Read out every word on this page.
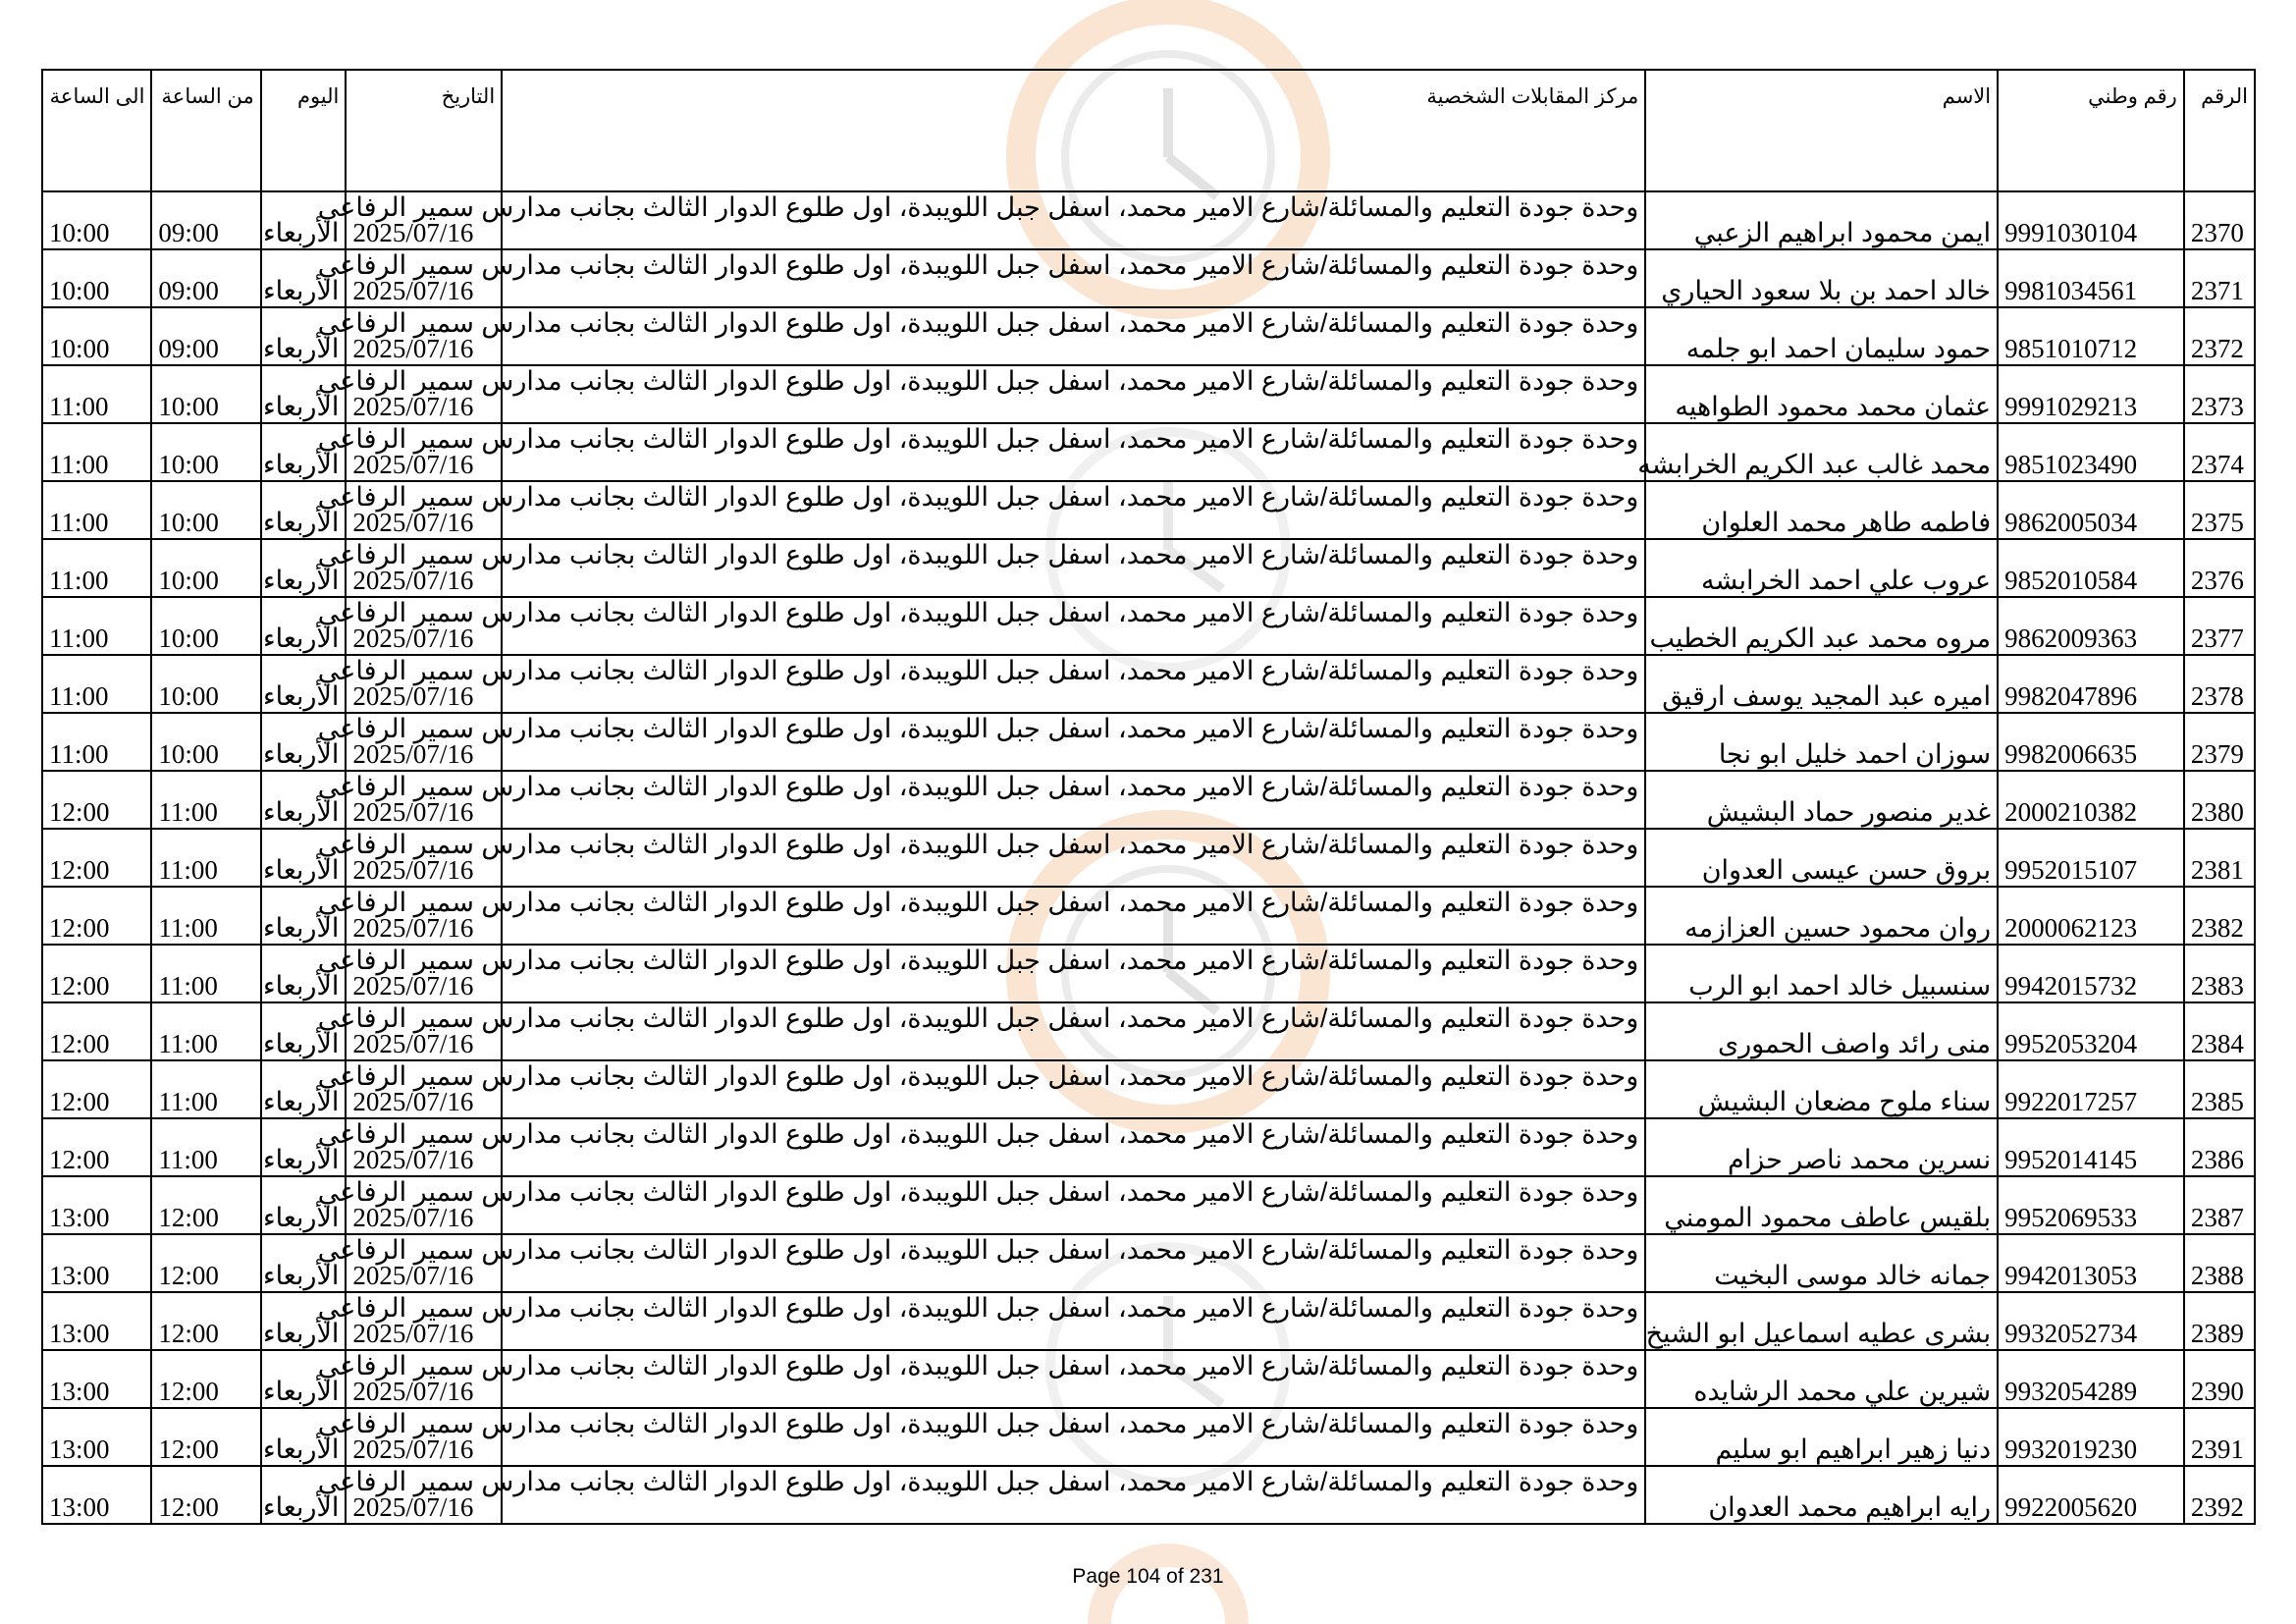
الرقم	رقم وطني	الاسم	مركز المقابلات الشخصية	التاريخ	اليوم	من الساعة	الى الساعة
2370	9991030104	ايمن محمود ابراهيم الزعبي	وحدة جودة التعليم والمسائلة/شارع الامير محمد، اسفل جبل اللويبدة، اول طلوع الدوار الثالث بجانب مدارس سمير الرفاعي	2025/07/16	الأربعاء	09:00	10:00
2371	9981034561	خالد احمد بن بلا سعود الحياري	وحدة جودة التعليم والمسائلة/شارع الامير محمد، اسفل جبل اللويبدة، اول طلوع الدوار الثالث بجانب مدارس سمير الرفاعي	2025/07/16	الأربعاء	09:00	10:00
2372	9851010712	حمود سليمان احمد ابو جلمه	وحدة جودة التعليم والمسائلة/شارع الامير محمد، اسفل جبل اللويبدة، اول طلوع الدوار الثالث بجانب مدارس سمير الرفاعي	2025/07/16	الأربعاء	09:00	10:00
2373	9991029213	عثمان محمد محمود الطواهيه	وحدة جودة التعليم والمسائلة/شارع الامير محمد، اسفل جبل اللويبدة، اول طلوع الدوار الثالث بجانب مدارس سمير الرفاعي	2025/07/16	الأربعاء	10:00	11:00
2374	9851023490	محمد غالب عبد الكريم الخرابشه	وحدة جودة التعليم والمسائلة/شارع الامير محمد، اسفل جبل اللويبدة، اول طلوع الدوار الثالث بجانب مدارس سمير الرفاعي	2025/07/16	الأربعاء	10:00	11:00
2375	9862005034	فاطمه طاهر محمد العلوان	وحدة جودة التعليم والمسائلة/شارع الامير محمد، اسفل جبل اللويبدة، اول طلوع الدوار الثالث بجانب مدارس سمير الرفاعي	2025/07/16	الأربعاء	10:00	11:00
2376	9852010584	عروب علي احمد الخرابشه	وحدة جودة التعليم والمسائلة/شارع الامير محمد، اسفل جبل اللويبدة، اول طلوع الدوار الثالث بجانب مدارس سمير الرفاعي	2025/07/16	الأربعاء	10:00	11:00
2377	9862009363	مروه محمد عبد الكريم الخطيب	وحدة جودة التعليم والمسائلة/شارع الامير محمد، اسفل جبل اللويبدة، اول طلوع الدوار الثالث بجانب مدارس سمير الرفاعي	2025/07/16	الأربعاء	10:00	11:00
2378	9982047896	اميره عبد المجيد يوسف ارقيق	وحدة جودة التعليم والمسائلة/شارع الامير محمد، اسفل جبل اللويبدة، اول طلوع الدوار الثالث بجانب مدارس سمير الرفاعي	2025/07/16	الأربعاء	10:00	11:00
2379	9982006635	سوزان احمد خليل ابو نجا	وحدة جودة التعليم والمسائلة/شارع الامير محمد، اسفل جبل اللويبدة، اول طلوع الدوار الثالث بجانب مدارس سمير الرفاعي	2025/07/16	الأربعاء	10:00	11:00
2380	2000210382	غدير منصور حماد البشيش	وحدة جودة التعليم والمسائلة/شارع الامير محمد، اسفل جبل اللويبدة، اول طلوع الدوار الثالث بجانب مدارس سمير الرفاعي	2025/07/16	الأربعاء	11:00	12:00
2381	9952015107	بروق حسن عيسى العدوان	وحدة جودة التعليم والمسائلة/شارع الامير محمد، اسفل جبل اللويبدة، اول طلوع الدوار الثالث بجانب مدارس سمير الرفاعي	2025/07/16	الأربعاء	11:00	12:00
2382	2000062123	روان محمود حسين العزازمه	وحدة جودة التعليم والمسائلة/شارع الامير محمد، اسفل جبل اللويبدة، اول طلوع الدوار الثالث بجانب مدارس سمير الرفاعي	2025/07/16	الأربعاء	11:00	12:00
2383	9942015732	سنسبيل خالد احمد ابو الرب	وحدة جودة التعليم والمسائلة/شارع الامير محمد، اسفل جبل اللويبدة، اول طلوع الدوار الثالث بجانب مدارس سمير الرفاعي	2025/07/16	الأربعاء	11:00	12:00
2384	9952053204	منى رائد واصف الحمورى	وحدة جودة التعليم والمسائلة/شارع الامير محمد، اسفل جبل اللويبدة، اول طلوع الدوار الثالث بجانب مدارس سمير الرفاعي	2025/07/16	الأربعاء	11:00	12:00
2385	9922017257	سناء ملوح مضعان البشيش	وحدة جودة التعليم والمسائلة/شارع الامير محمد، اسفل جبل اللويبدة، اول طلوع الدوار الثالث بجانب مدارس سمير الرفاعي	2025/07/16	الأربعاء	11:00	12:00
2386	9952014145	نسرين محمد ناصر حزام	وحدة جودة التعليم والمسائلة/شارع الامير محمد، اسفل جبل اللويبدة، اول طلوع الدوار الثالث بجانب مدارس سمير الرفاعي	2025/07/16	الأربعاء	11:00	12:00
2387	9952069533	بلقيس عاطف محمود المومني	وحدة جودة التعليم والمسائلة/شارع الامير محمد، اسفل جبل اللويبدة، اول طلوع الدوار الثالث بجانب مدارس سمير الرفاعي	2025/07/16	الأربعاء	12:00	13:00
2388	9942013053	جمانه خالد موسى البخيت	وحدة جودة التعليم والمسائلة/شارع الامير محمد، اسفل جبل اللويبدة، اول طلوع الدوار الثالث بجانب مدارس سمير الرفاعي	2025/07/16	الأربعاء	12:00	13:00
2389	9932052734	بشرى عطيه اسماعيل ابو الشيخ	وحدة جودة التعليم والمسائلة/شارع الامير محمد، اسفل جبل اللويبدة، اول طلوع الدوار الثالث بجانب مدارس سمير الرفاعي	2025/07/16	الأربعاء	12:00	13:00
2390	9932054289	شيرين علي محمد الرشايده	وحدة جودة التعليم والمسائلة/شارع الامير محمد، اسفل جبل اللويبدة، اول طلوع الدوار الثالث بجانب مدارس سمير الرفاعي	2025/07/16	الأربعاء	12:00	13:00
2391	9932019230	دنيا زهير ابراهيم ابو سليم	وحدة جودة التعليم والمسائلة/شارع الامير محمد، اسفل جبل اللويبدة، اول طلوع الدوار الثالث بجانب مدارس سمير الرفاعي	2025/07/16	الأربعاء	12:00	13:00
2392	9922005620	رايه ابراهيم محمد العدوان	وحدة جودة التعليم والمسائلة/شارع الامير محمد، اسفل جبل اللويبدة، اول طلوع الدوار الثالث بجانب مدارس سمير الرفاعي	2025/07/16	الأربعاء	12:00	13:00
Page 104 of 231
